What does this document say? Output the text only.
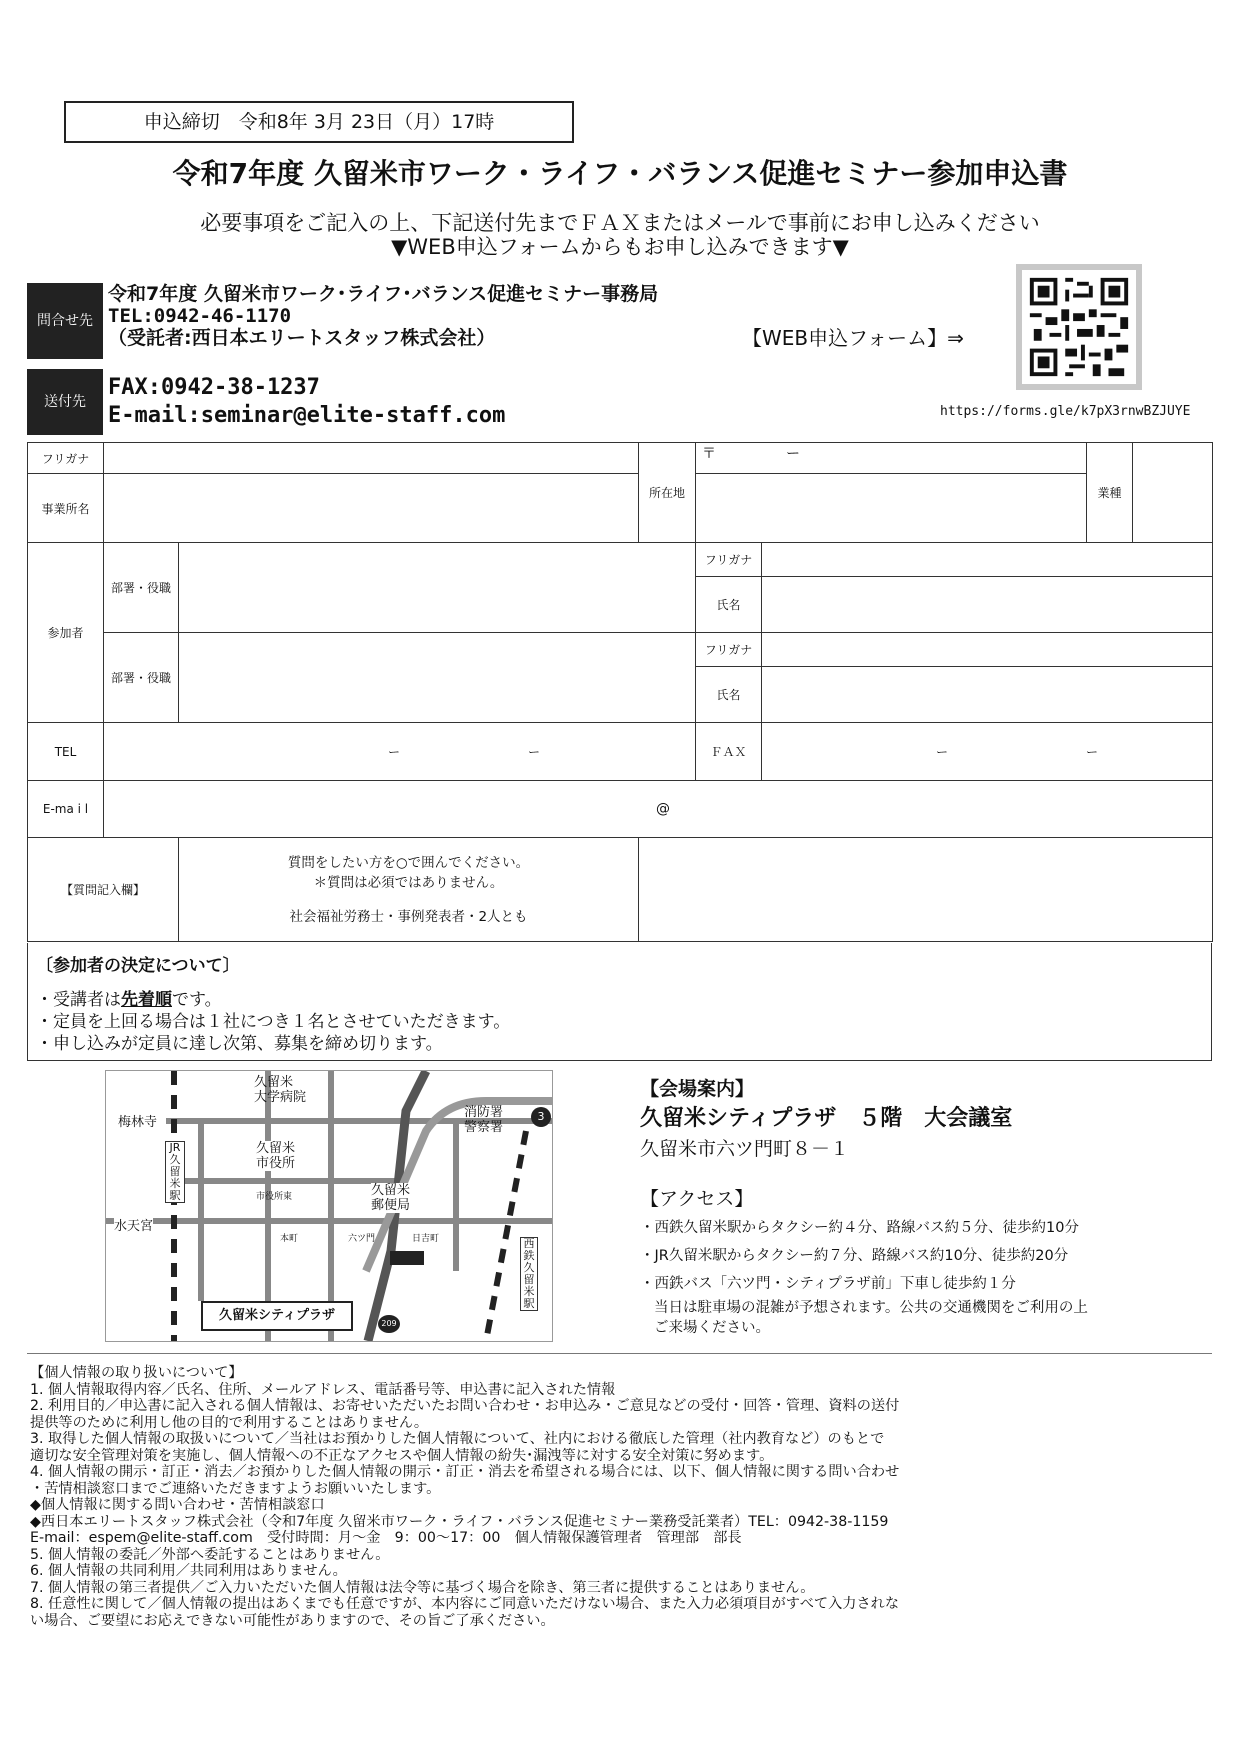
申込締切　令和8年 3月 23日（月）17時
令和7年度 久留米市ワーク・ライフ・バランス促進セミナー参加申込書
必要事項をご記入の上、下記送付先までＦＡＸまたはメールで事前にお申し込みください
▼WEB申込フォームからもお申し込みできます▼
問合せ先
令和7年度 久留米市ワーク･ライフ･バランス促進セミナー事務局
TEL:0942-46-1170
（受託者:西日本エリートスタッフ株式会社）	【WEB申込フォーム】⇒
送付先
FAX:0942-38-1237
E-mail:seminar@elite-staff.com	https://forms.gle/k7pX3rnwBZJUYE
フリガナ			所在地	〒　　　　　ー		業種	
事業所名							
参加者	部署・役職			フリガナ			
				氏名			
	部署・役職			フリガナ			
				氏名			
TEL	ー ー			ＦＡＸ	ー ー		
E-ma i l	@						
【質問記入欄】		質問をしたい方を○で囲んでください。
＊質問は必須ではありません。
社会福祉労務士・事例発表者・2人とも					

〔参加者の決定について〕
・受講者は先着順です。
・定員を上回る場合は１社につき１名とさせていただきます。
・申し込みが定員に達し次第、募集を締め切ります。
久留米
大学病院
梅林寺
消防署
警察署
久留米
市役所
市役所東
JR久留米駅
水天宮
久留米
郵便局
本町	六ツ門	日吉町	西鉄久留米駅
久留米シティプラザ
3
209
【会場案内】
久留米シティプラザ　５階　大会議室
久留米市六ツ門町８－１
【アクセス】
・西鉄久留米駅からタクシー約４分、路線バス約５分、徒歩約10分
・JR久留米駅からタクシー約７分、路線バス約10分、徒歩約20分
・西鉄バス「六ツ門・シティプラザ前」下車し徒歩約１分
当日は駐車場の混雑が予想されます。公共の交通機関をご利用の上
ご来場ください。
【個人情報の取り扱いについて】
1. 個人情報取得内容／氏名、住所、メールアドレス、電話番号等、申込書に記入された情報
2. 利用目的／申込書に記入される個人情報は、お寄せいただいたお問い合わせ・お申込み・ご意見などの受付・回答・管理、資料の送付
提供等のために利用し他の目的で利用することはありません。
3. 取得した個人情報の取扱いについて／当社はお預かりした個人情報について、社内における徹底した管理（社内教育など）のもとで
適切な安全管理対策を実施し、個人情報への不正なアクセスや個人情報の紛失･漏洩等に対する安全対策に努めます。
4. 個人情報の開示・訂正・消去／お預かりした個人情報の開示・訂正・消去を希望される場合には、以下、個人情報に関する問い合わせ
・苦情相談窓口までご連絡いただきますようお願いいたします。
◆個人情報に関する問い合わせ・苦情相談窓口
◆西日本エリートスタッフ株式会社（令和7年度 久留米市ワーク・ライフ・バランス促進セミナー業務受託業者）TEL：0942-38-1159
E-mail：espem@elite-staff.com　受付時間：月～金　9：00～17：00　個人情報保護管理者　管理部　部長
5. 個人情報の委託／外部へ委託することはありません。
6. 個人情報の共同利用／共同利用はありません。
7. 個人情報の第三者提供／ご入力いただいた個人情報は法令等に基づく場合を除き、第三者に提供することはありません。
8. 任意性に関して／個人情報の提出はあくまでも任意ですが、本内容にご同意いただけない場合、また入力必須項目がすべて入力されな
い場合、ご要望にお応えできない可能性がありますので、その旨ご了承ください。
